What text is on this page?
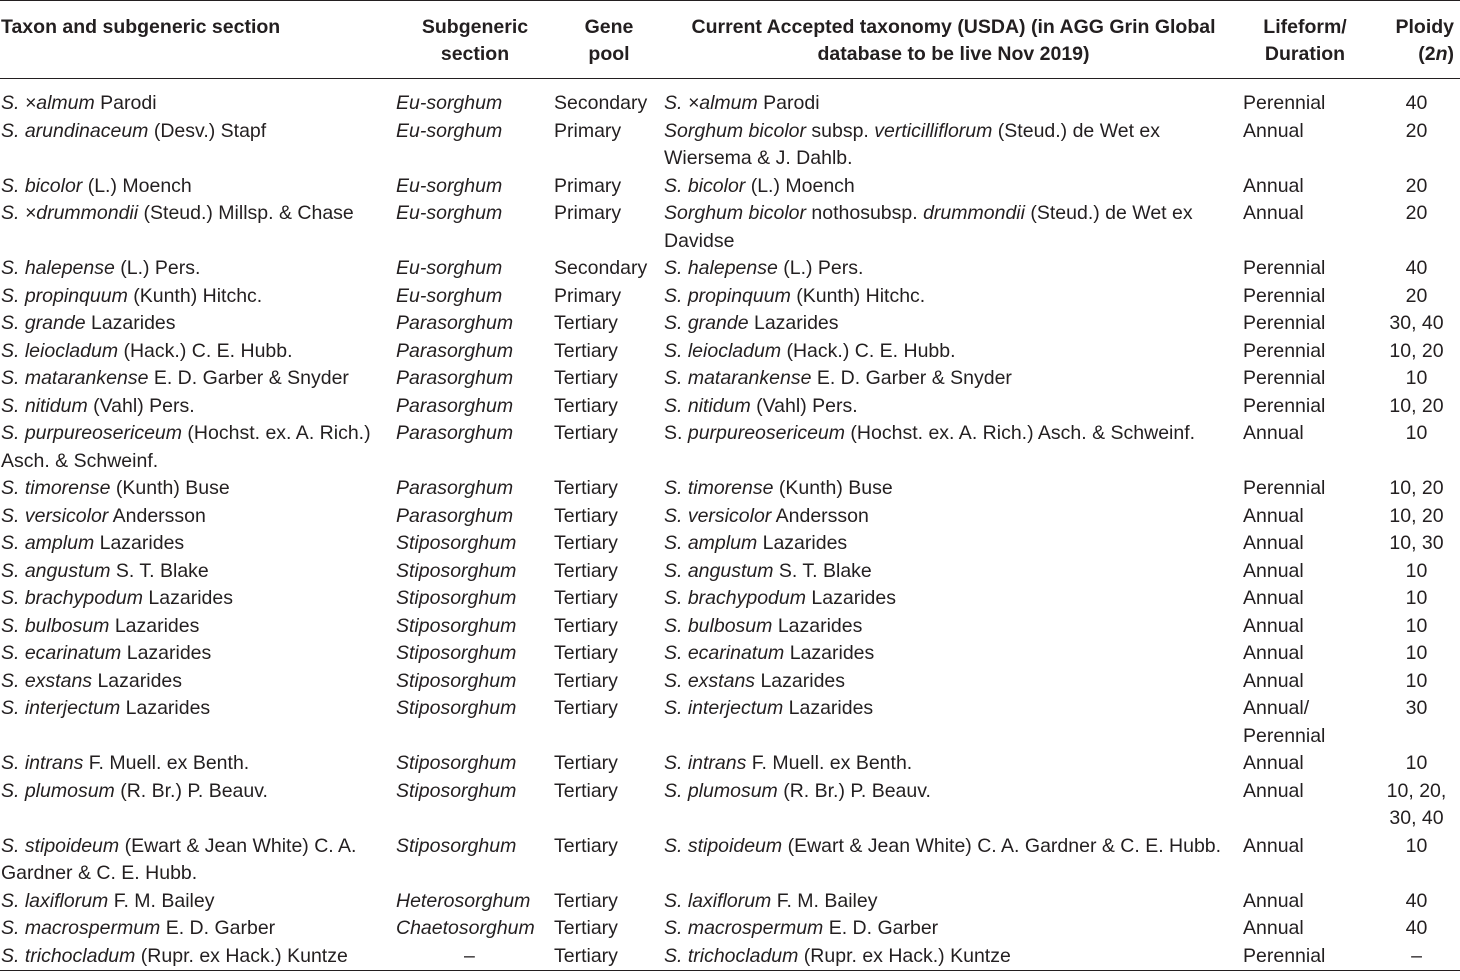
Taxon and subgeneric section	Subgeneric section	Gene pool	Current Accepted taxonomy (USDA) (in AGG Grin Global database to be live Nov 2019)	Lifeform/ Duration	Ploidy (2n)
S. ×almum Parodi	Eu-sorghum	Secondary	S. ×almum Parodi	Perennial	40
S. arundinaceum (Desv.) Stapf	Eu-sorghum	Primary	Sorghum bicolor subsp. verticilliflorum (Steud.) de Wet ex Wiersema & J. Dahlb.	Annual	20
S. bicolor (L.) Moench	Eu-sorghum	Primary	S. bicolor (L.) Moench	Annual	20
S. ×drummondii (Steud.) Millsp. & Chase	Eu-sorghum	Primary	Sorghum bicolor nothosubsp. drummondii (Steud.) de Wet ex Davidse	Annual	20
S. halepense (L.) Pers.	Eu-sorghum	Secondary	S. halepense (L.) Pers.	Perennial	40
S. propinquum (Kunth) Hitchc.	Eu-sorghum	Primary	S. propinquum (Kunth) Hitchc.	Perennial	20
S. grande Lazarides	Parasorghum	Tertiary	S. grande Lazarides	Perennial	30, 40
S. leiocladum (Hack.) C. E. Hubb.	Parasorghum	Tertiary	S. leiocladum (Hack.) C. E. Hubb.	Perennial	10, 20
S. matarankense E. D. Garber & Snyder	Parasorghum	Tertiary	S. matarankense E. D. Garber & Snyder	Perennial	10
S. nitidum (Vahl) Pers.	Parasorghum	Tertiary	S. nitidum (Vahl) Pers.	Perennial	10, 20
S. purpureosericeum (Hochst. ex. A. Rich.) Asch. & Schweinf.	Parasorghum	Tertiary	S. purpureosericeum (Hochst. ex. A. Rich.) Asch. & Schweinf.	Annual	10
S. timorense (Kunth) Buse	Parasorghum	Tertiary	S. timorense (Kunth) Buse	Perennial	10, 20
S. versicolor Andersson	Parasorghum	Tertiary	S. versicolor Andersson	Annual	10, 20
S. amplum Lazarides	Stiposorghum	Tertiary	S. amplum Lazarides	Annual	10, 30
S. angustum S. T. Blake	Stiposorghum	Tertiary	S. angustum S. T. Blake	Annual	10
S. brachypodum Lazarides	Stiposorghum	Tertiary	S. brachypodum Lazarides	Annual	10
S. bulbosum Lazarides	Stiposorghum	Tertiary	S. bulbosum Lazarides	Annual	10
S. ecarinatum Lazarides	Stiposorghum	Tertiary	S. ecarinatum Lazarides	Annual	10
S. exstans Lazarides	Stiposorghum	Tertiary	S. exstans Lazarides	Annual	10
S. interjectum Lazarides	Stiposorghum	Tertiary	S. interjectum Lazarides	Annual/ Perennial	30
S. intrans F. Muell. ex Benth.	Stiposorghum	Tertiary	S. intrans F. Muell. ex Benth.	Annual	10
S. plumosum (R. Br.) P. Beauv.	Stiposorghum	Tertiary	S. plumosum (R. Br.) P. Beauv.	Annual	10, 20, 30, 40
S. stipoideum (Ewart & Jean White) C. A. Gardner & C. E. Hubb.	Stiposorghum	Tertiary	S. stipoideum (Ewart & Jean White) C. A. Gardner & C. E. Hubb.	Annual	10
S. laxiflorum F. M. Bailey	Heterosorghum	Tertiary	S. laxiflorum F. M. Bailey	Annual	40
S. macrospermum E. D. Garber	Chaetosorghum	Tertiary	S. macrospermum E. D. Garber	Annual	40
S. trichocladum (Rupr. ex Hack.) Kuntze	–	Tertiary	S. trichocladum (Rupr. ex Hack.) Kuntze	Perennial	–
